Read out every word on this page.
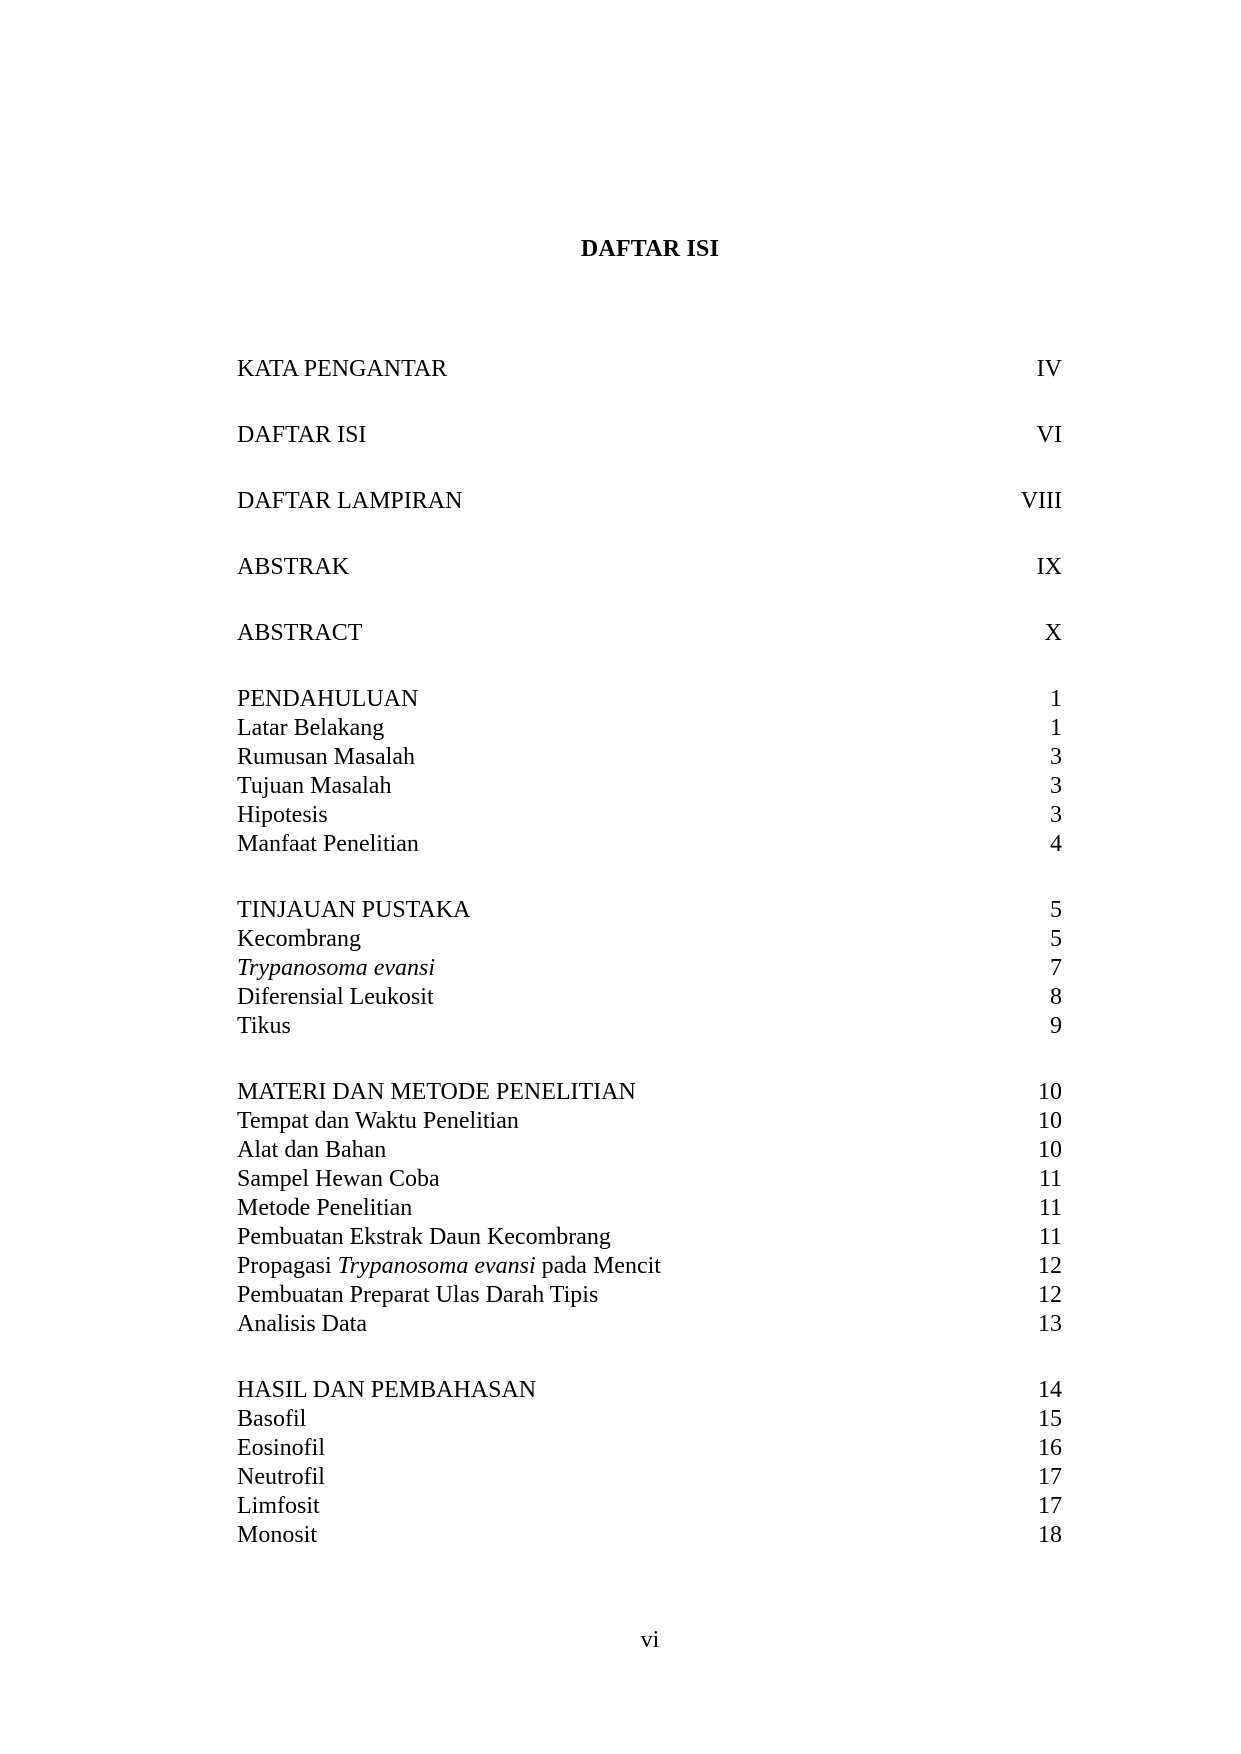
DAFTAR ISI
KATA PENGANTAR	IV
DAFTAR ISI	VI
DAFTAR LAMPIRAN	VIII
ABSTRAK	IX
ABSTRACT	X
PENDAHULUAN	1
Latar Belakang	1
Rumusan Masalah	3
Tujuan Masalah	3
Hipotesis	3
Manfaat Penelitian	4
TINJAUAN PUSTAKA	5
Kecombrang	5
Trypanosoma evansi	7
Diferensial Leukosit	8
Tikus	9
MATERI DAN METODE PENELITIAN	10
Tempat dan Waktu Penelitian	10
Alat dan Bahan	10
Sampel Hewan Coba	11
Metode Penelitian	11
Pembuatan Ekstrak Daun Kecombrang	11
Propagasi Trypanosoma evansi pada Mencit	12
Pembuatan Preparat Ulas Darah Tipis	12
Analisis Data	13
HASIL DAN PEMBAHASAN	14
Basofil	15
Eosinofil	16
Neutrofil	17
Limfosit	17
Monosit	18
vi
